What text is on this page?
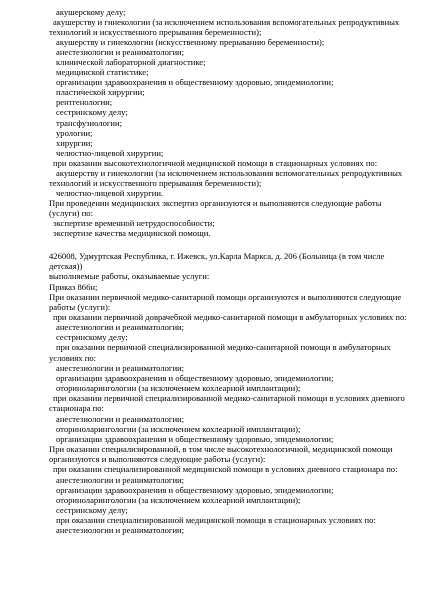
акушерскому делу;
акушерству и гинекологии (за исключением использования вспомогательных репродуктивных
технологий и искусственного прерывания беременности);
акушерству и гинекологии (искусственному прерыванию беременности);
анестезиологии и реаниматологии;
клинической лабораторной диагностике;
медицинской статистике;
организации здравоохранения и общественному здоровью, эпидемиологии;
пластической хирургии;
рентгенологии;
сестринскому делу;
трансфузиологии;
урологии;
хирургии;
челюстно-лицевой хирургии;
при оказании высокотехнологичной медицинской помощи в стационарных условиях по:
акушерству и гинекологии (за исключением использования вспомогательных репродуктивных
технологий и искусственного прерывания беременности);
челюстно-лицевой хирургии.
При проведении медицинских экспертиз организуются и выполняются следующие работы
(услуги) по:
экспертизе временной нетрудоспособности;
экспертизе качества медицинской помощи.
426008, Удмуртская Республика, г. Ижевск, ул.Карла Маркса, д. 206 (Больница (в том числе
детская))
выполняемые работы, оказываемые услуги:
Приказ 866н;
При оказании первичной медико-санитарной помощи организуются и выполняются следующие
работы (услуги):
при оказании первичной доврачебной медико-санитарной помощи в амбулаторных условиях по:
анестезиологии и реаниматологии;
сестринскому делу;
при оказании первичной специализированной медико-санитарной помощи в амбулаторных
условиях по:
анестезиологии и реаниматологии;
организации здравоохранения и общественному здоровью, эпидемиологии;
оториноларингологии (за исключением кохлеарной имплантации);
при оказании первичной специализированной медико-санитарной помощи в условиях дневного
стационара по:
анестезиологии и реаниматологии;
оториноларингологии (за исключением кохлеарной имплантации);
организации здравоохранения и общественному здоровью, эпидемиологии;
При оказании специализированной, в том числе высокотехнологичной, медицинской помощи
организуются и выполняются следующие работы (услуги):
при оказании специализированной медицинской помощи в условиях дневного стационара по:
анестезиологии и реаниматологии;
организации здравоохранения и общественному здоровью, эпидемиологии;
оториноларингологии (за исключением кохлеарной имплантации);
сестринскому делу;
при оказании специализированной медицинской помощи в стационарных условиях по:
анестезиологии и реаниматологии;
